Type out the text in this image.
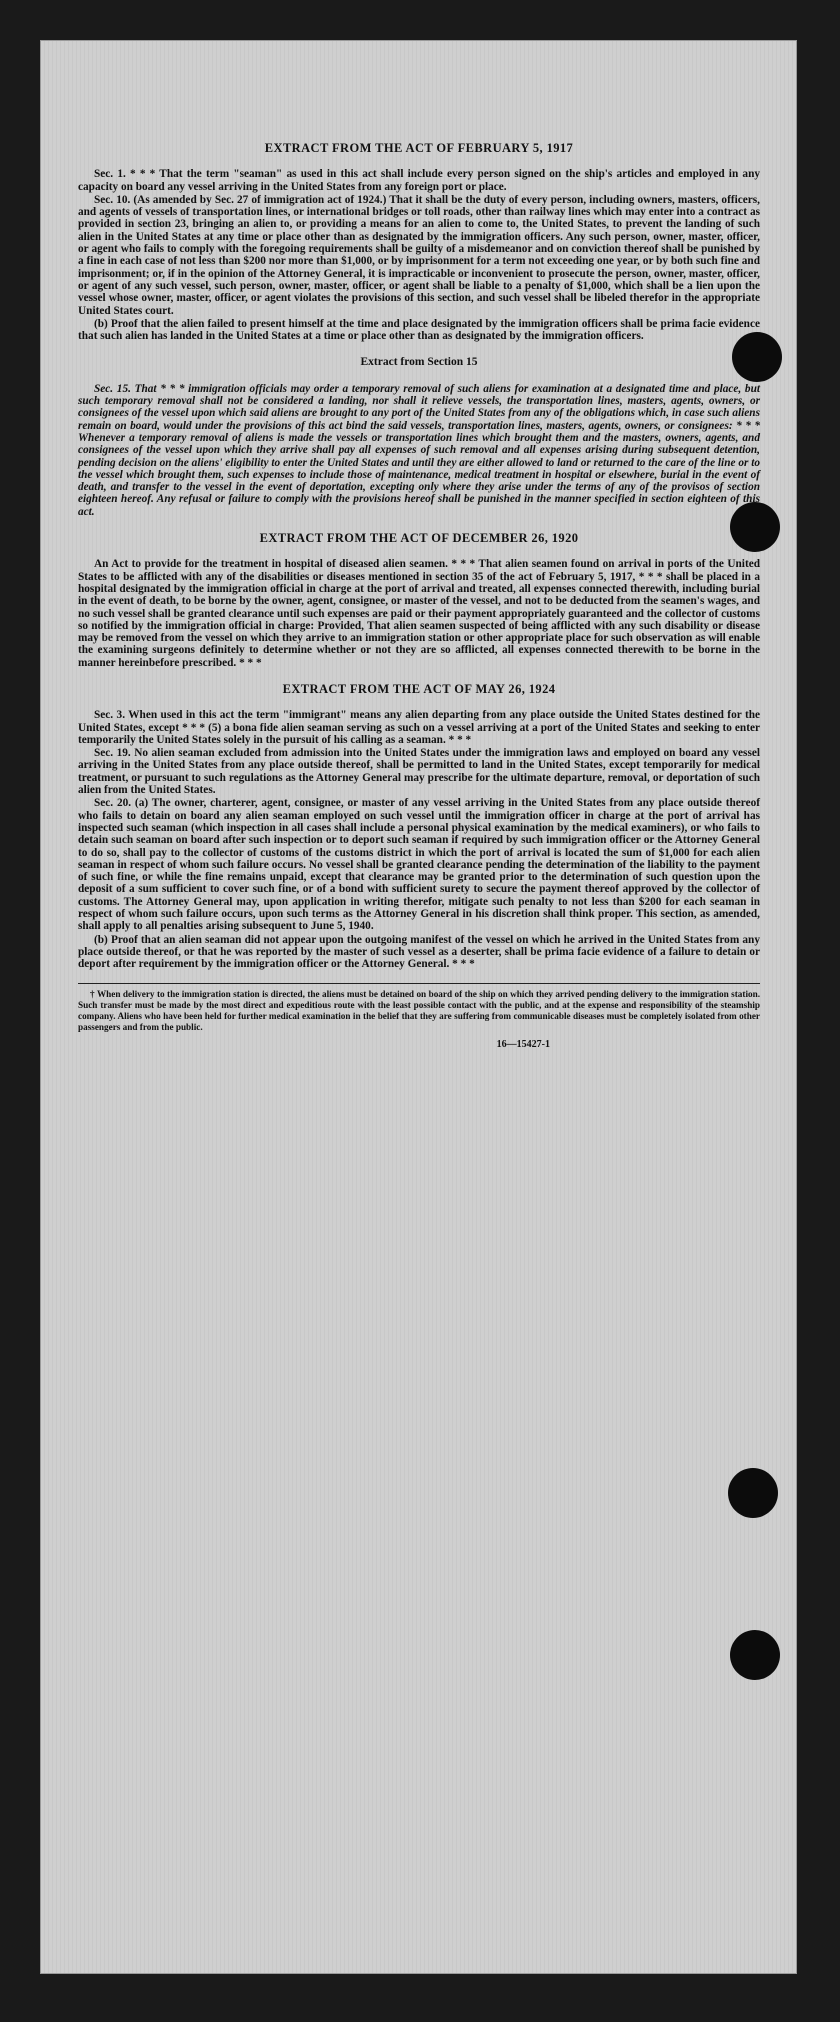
EXTRACT FROM THE ACT OF FEBRUARY 5, 1917

Sec. 1. * * * That the term "seaman" as used in this act shall include every person signed on the ship's articles and employed in any capacity on board any vessel arriving in the United States from any foreign port or place.

Sec. 10. (As amended by Sec. 27 of immigration act of 1924.) That it shall be the duty of every person, including owners, masters, officers, and agents of vessels of transportation lines, or international bridges or toll roads, other than railway lines which may enter into a contract as provided in section 23, bringing an alien to, or providing a means for an alien to come to, the United States, to prevent the landing of such alien in the United States at any time or place other than as designated by the immigration officers. Any such person, owner, master, officer, or agent who fails to comply with the foregoing requirements shall be guilty of a misdemeanor and on conviction thereof shall be punished by a fine in each case of not less than $200 nor more than $1,000, or by imprisonment for a term not exceeding one year, or by both such fine and imprisonment; or, if in the opinion of the Attorney General, it is impracticable or inconvenient to prosecute the person, owner, master, officer, or agent of any such vessel, such person, owner, master, officer, or agent shall be liable to a penalty of $1,000, which shall be a lien upon the vessel whose owner, master, officer, or agent violates the provisions of this section, and such vessel shall be libeled therefor in the appropriate United States court.

(b) Proof that the alien failed to present himself at the time and place designated by the immigration officers shall be prima facie evidence that such alien has landed in the United States at a time or place other than as designated by the immigration officers.

Extract from Section 15

Sec. 15. That * * * immigration officials may order a temporary removal of such aliens for examination at a designated time and place, but such temporary removal shall not be considered a landing, nor shall it relieve vessels, the transportation lines, masters, agents, owners, or consignees of the vessel upon which said aliens are brought to any port of the United States from any of the obligations which, in case such aliens remain on board, would under the provisions of this act bind the said vessels, transportation lines, masters, agents, owners, or consignees: * * * Whenever a temporary removal of aliens is made the vessels or transportation lines which brought them and the masters, owners, agents, and consignees of the vessel upon which they arrive shall pay all expenses of such removal and all expenses arising during subsequent detention, pending decision on the aliens' eligibility to enter the United States and until they are either allowed to land or returned to the care of the line or to the vessel which brought them, such expenses to include those of maintenance, medical treatment in hospital or elsewhere, burial in the event of death, and transfer to the vessel in the event of deportation, excepting only where they arise under the terms of any of the provisos of section eighteen hereof. Any refusal or failure to comply with the provisions hereof shall be punished in the manner specified in section eighteen of this act.

EXTRACT FROM THE ACT OF DECEMBER 26, 1920

An Act to provide for the treatment in hospital of diseased alien seamen. * * * That alien seamen found on arrival in ports of the United States to be afflicted with any of the disabilities or diseases mentioned in section 35 of the act of February 5, 1917, * * * shall be placed in a hospital designated by the immigration official in charge at the port of arrival and treated, all expenses connected therewith, including burial in the event of death, to be borne by the owner, agent, consignee, or master of the vessel, and not to be deducted from the seamen's wages, and no such vessel shall be granted clearance until such expenses are paid or their payment appropriately guaranteed and the collector of customs so notified by the immigration official in charge: Provided, That alien seamen suspected of being afflicted with any such disability or disease may be removed from the vessel on which they arrive to an immigration station or other appropriate place for such observation as will enable the examining surgeons definitely to determine whether or not they are so afflicted, all expenses connected therewith to be borne in the manner hereinbefore prescribed. * * *

EXTRACT FROM THE ACT OF MAY 26, 1924

Sec. 3. When used in this act the term "immigrant" means any alien departing from any place outside the United States destined for the United States, except * * * (5) a bona fide alien seaman serving as such on a vessel arriving at a port of the United States and seeking to enter temporarily the United States solely in the pursuit of his calling as a seaman. * * *

Sec. 19. No alien seaman excluded from admission into the United States under the immigration laws and employed on board any vessel arriving in the United States from any place outside thereof, shall be permitted to land in the United States, except temporarily for medical treatment, or pursuant to such regulations as the Attorney General may prescribe for the ultimate departure, removal, or deportation of such alien from the United States.

Sec. 20. (a) The owner, charterer, agent, consignee, or master of any vessel arriving in the United States from any place outside thereof who fails to detain on board any alien seaman employed on such vessel until the immigration officer in charge at the port of arrival has inspected such seaman (which inspection in all cases shall include a personal physical examination by the medical examiners), or who fails to detain such seaman on board after such inspection or to deport such seaman if required by such immigration officer or the Attorney General to do so, shall pay to the collector of customs of the customs district in which the port of arrival is located the sum of $1,000 for each alien seaman in respect of whom such failure occurs. No vessel shall be granted clearance pending the determination of the liability to the payment of such fine, or while the fine remains unpaid, except that clearance may be granted prior to the determination of such question upon the deposit of a sum sufficient to cover such fine, or of a bond with sufficient surety to secure the payment thereof approved by the collector of customs. The Attorney General may, upon application in writing therefor, mitigate such penalty to not less than $200 for each seaman in respect of whom such failure occurs, upon such terms as the Attorney General in his discretion shall think proper. This section, as amended, shall apply to all penalties arising subsequent to June 5, 1940.

(b) Proof that an alien seaman did not appear upon the outgoing manifest of the vessel on which he arrived in the United States from any place outside thereof, or that he was reported by the master of such vessel as a deserter, shall be prima facie evidence of a failure to detain or deport after requirement by the immigration officer or the Attorney General. * * *

† When delivery to the immigration station is directed, the aliens must be detained on board of the ship on which they arrived pending delivery to the immigration station. Such transfer must be made by the most direct and expeditious route with the least possible contact with the public, and at the expense and responsibility of the steamship company. Aliens who have been held for further medical examination in the belief that they are suffering from communicable diseases must be completely isolated from other passengers and from the public.

16—15427-1
